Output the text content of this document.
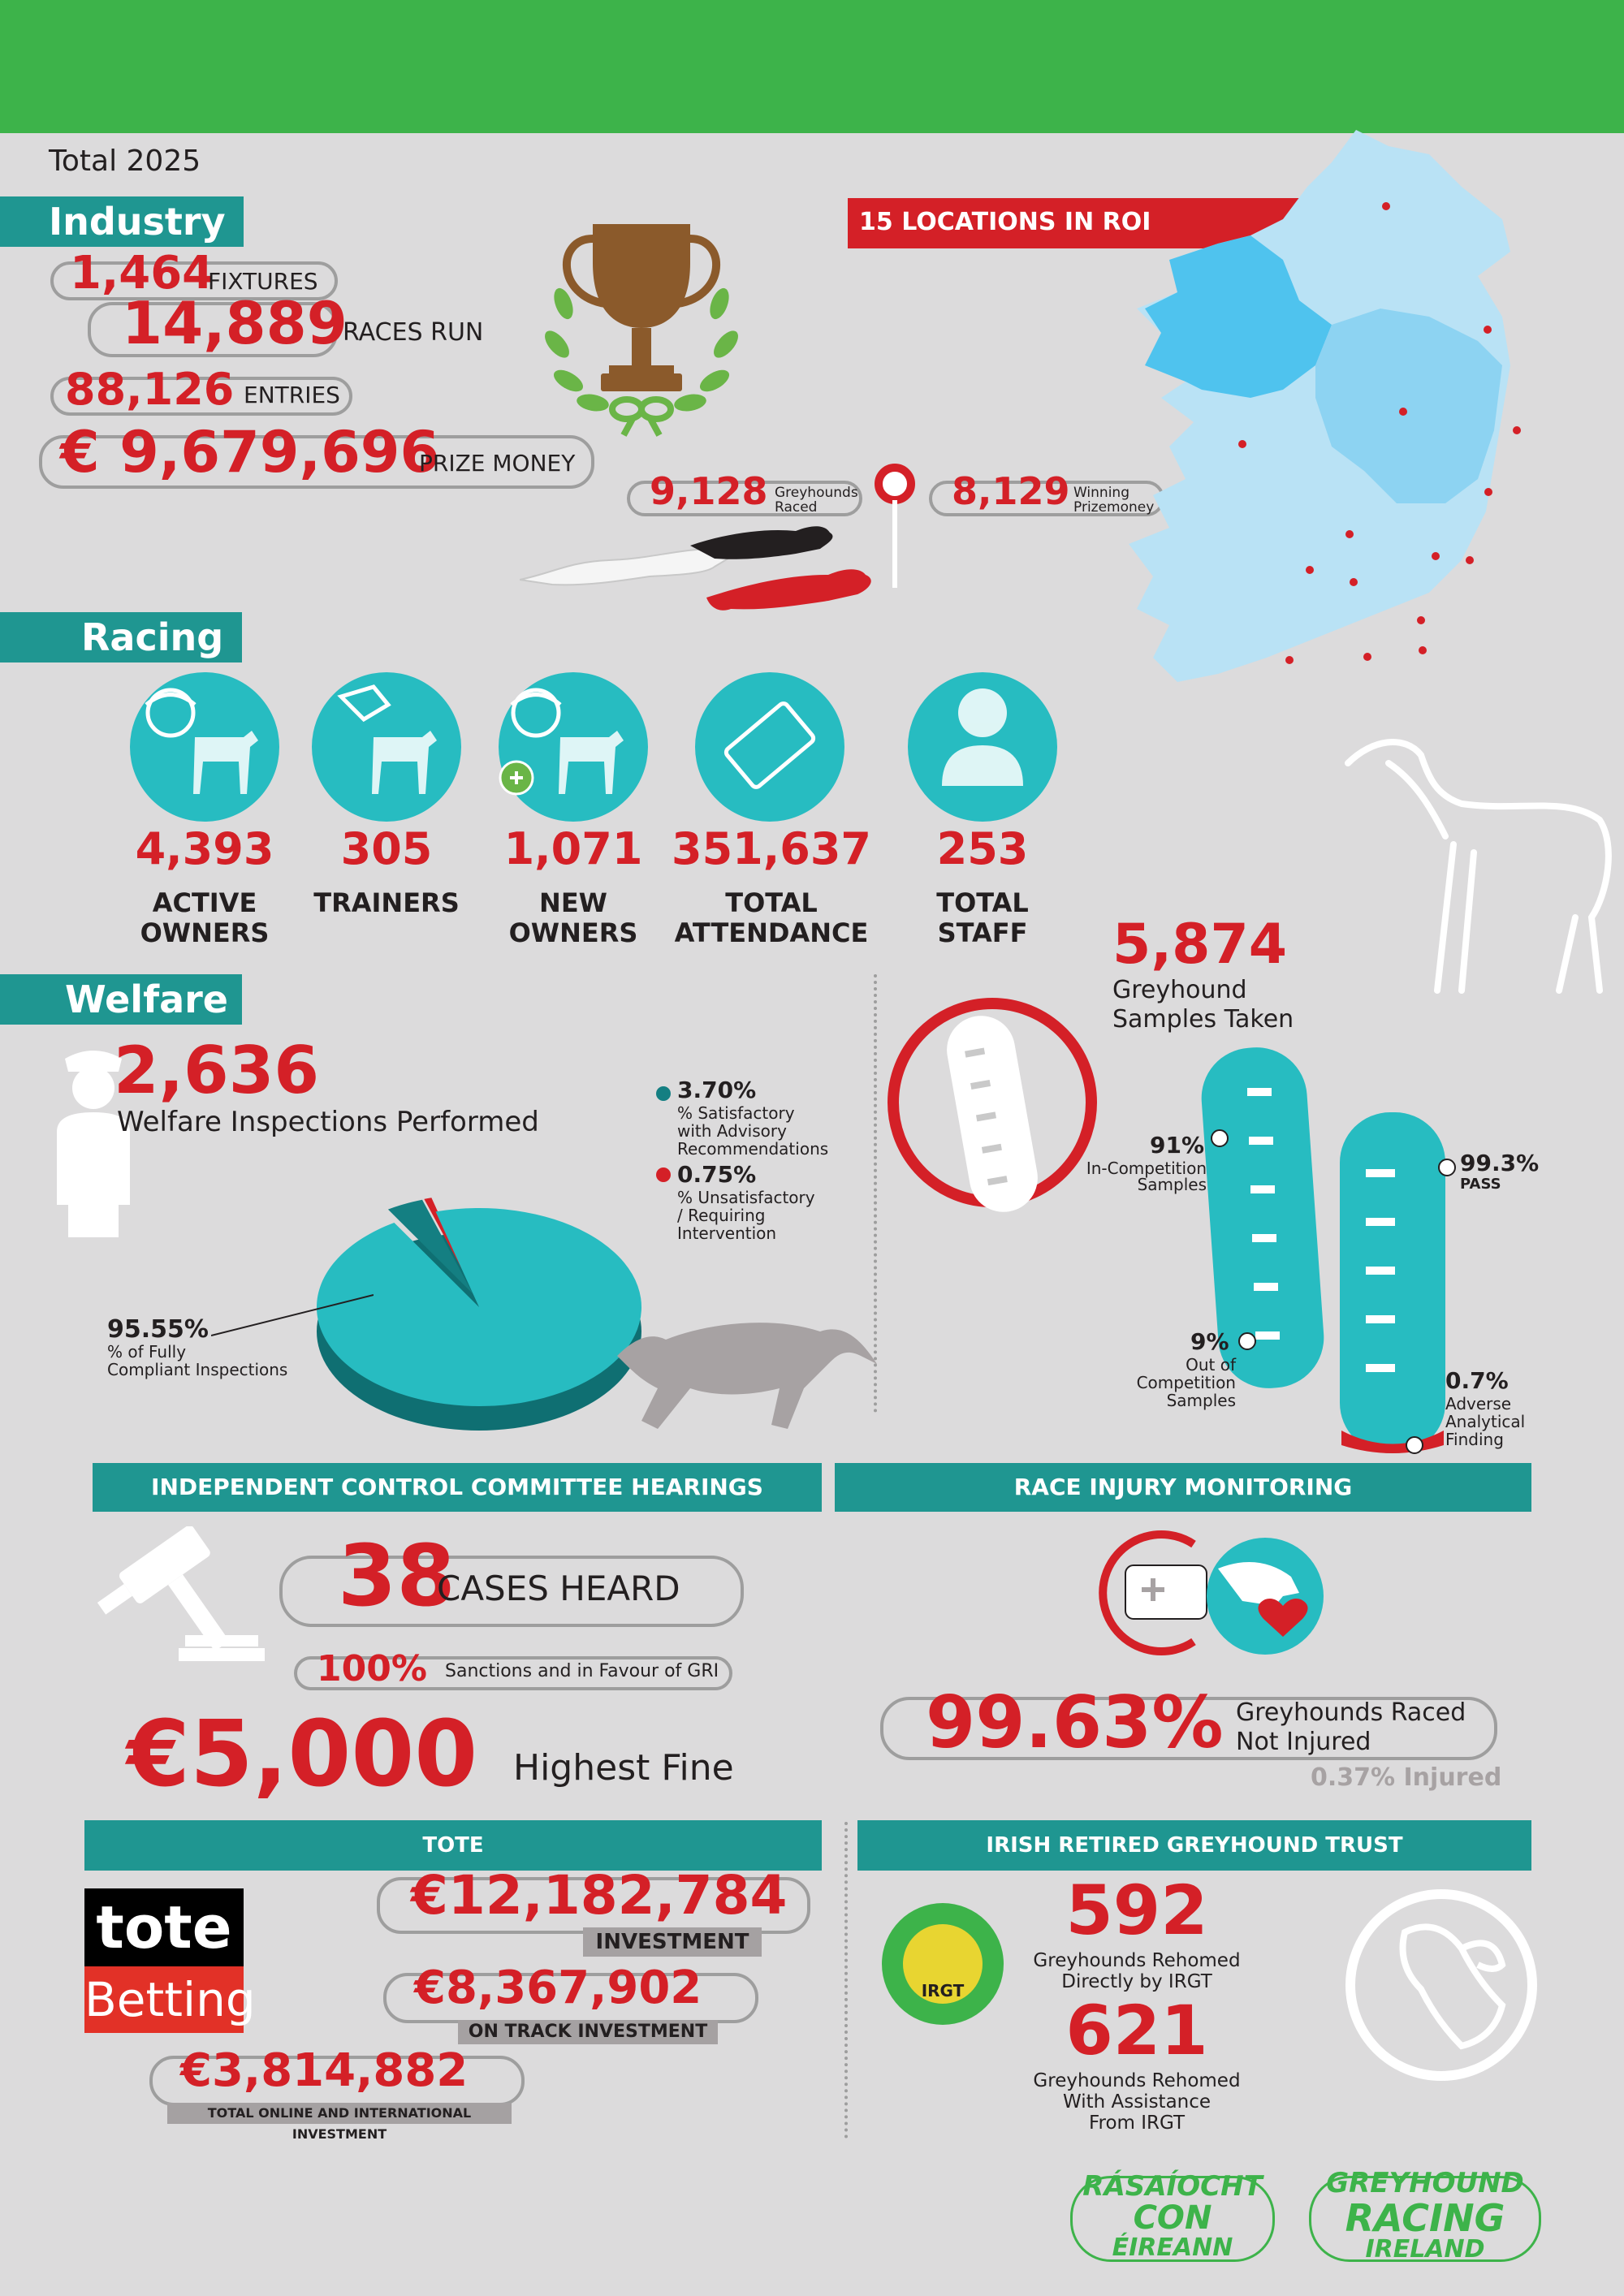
Total 2025
Industry
1,464
FIXTURES
14,889
RACES RUN
88,126 ENTRIES
€ 9,679,696
PRIZE MONEY
9,128 Greyhounds
Raced	8,129 Winning
Prizemoney
15 LOCATIONS IN ROI
Racing
4,393
ACTIVE
OWNERS
305
TRAINERS
1,071
NEW
OWNERS
351,637
TOTAL
ATTENDANCE
253
TOTAL
STAFF
Welfare
2,636
Welfare Inspections Performed
95.55%
% of Fully
Compliant Inspections
3.70%
% Satisfactory
with Advisory
Recommendations
0.75%
% Unsatisfactory
/ Requiring
Intervention
5,874
Greyhound
Samples Taken
91%
In-Competition
Samples
9%
Out of
Competition
Samples
99.3%
PASS
0.7%
Adverse
Analytical
Finding
INDEPENDENT CONTROL COMMITTEE HEARINGS
38
CASES HEARD
100% Sanctions and in Favour of GRI
€5,000 Highest Fine
RACE INJURY MONITORING
99.63% Greyhounds Raced
Not Injured
0.37% Injured
TOTE
tote
Betting
€12,182,784
INVESTMENT
€8,367,902
ON TRACK INVESTMENT
€3,814,882
TOTAL ONLINE AND INTERNATIONAL INVESTMENT
IRISH RETIRED GREYHOUND TRUST
IRGT
592
Greyhounds Rehomed
Directly by IRGT
621
Greyhounds Rehomed
With Assistance
From IRGT
RÁSAÍOCHT
CON
ÉIREANN
GREYHOUND
RACING
IRELAND
